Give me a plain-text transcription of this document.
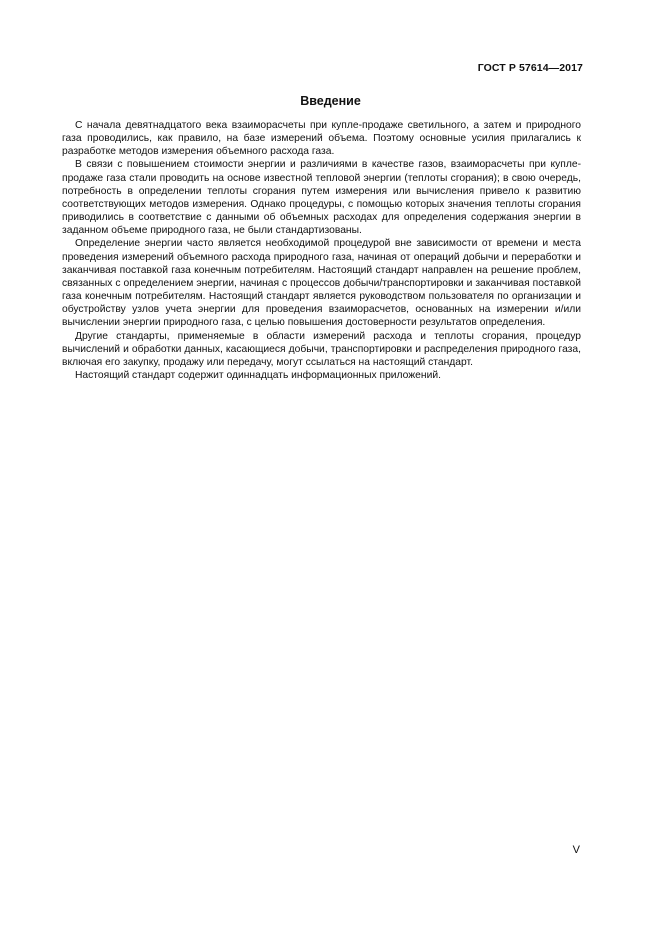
ГОСТ Р 57614—2017
Введение

С начала девятнадцатого века взаиморасчеты при купле-продаже светильного, а затем и природного газа проводились, как правило, на базе измерений объема. Поэтому основные усилия прилагались к разработке методов измерения объемного расхода газа.

В связи с повышением стоимости энергии и различиями в качестве газов, взаиморасчеты при купле-продаже газа стали проводить на основе известной тепловой энергии (теплоты сгорания); в свою очередь, потребность в определении теплоты сгорания путем измерения или вычисления привело к развитию соответствующих методов измерения. Однако процедуры, с помощью которых значения теплоты сгорания приводились в соответствие с данными об объемных расходах для определения содержания энергии в заданном объеме природного газа, не были стандартизованы.

Определение энергии часто является необходимой процедурой вне зависимости от времени и места проведения измерений объемного расхода природного газа, начиная от операций добычи и переработки и заканчивая поставкой газа конечным потребителям. Настоящий стандарт направлен на решение проблем, связанных с определением энергии, начиная с процессов добычи/транспортировки и заканчивая поставкой газа конечным потребителям. Настоящий стандарт является руководством пользователя по организации и обустройству узлов учета энергии для проведения взаиморасчетов, основанных на измерении и/или вычислении энергии природного газа, с целью повышения достоверности результатов определения.

Другие стандарты, применяемые в области измерений расхода и теплоты сгорания, процедур вычислений и обработки данных, касающиеся добычи, транспортировки и распределения природного газа, включая его закупку, продажу или передачу, могут ссылаться на настоящий стандарт.

Настоящий стандарт содержит одиннадцать информационных приложений.

V
